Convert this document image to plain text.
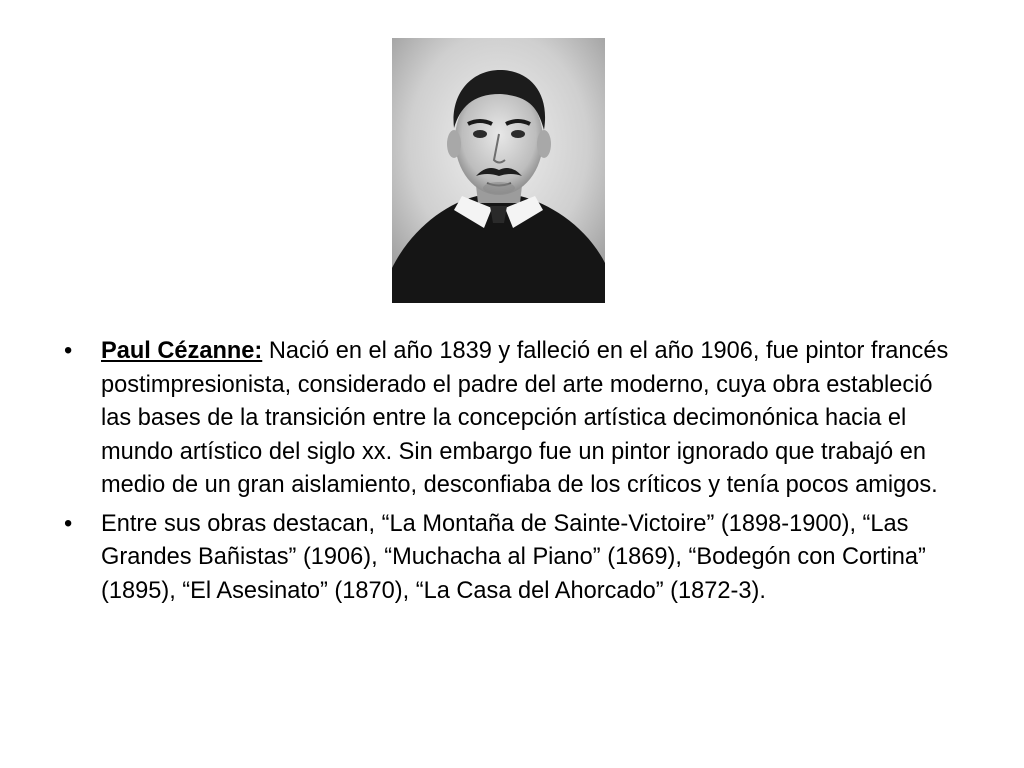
•	Paul Cézanne: Nació en el año 1839 y falleció en el año 1906, fue pintor francés postimpresionista, considerado el padre del arte moderno, cuya obra estableció las bases de la transición entre la concepción artística decimonónica hacia el mundo artístico del siglo xx. Sin embargo fue un pintor ignorado que trabajó en medio de un gran aislamiento, desconfiaba de los críticos y tenía pocos amigos.
•	Entre sus obras destacan, “La Montaña de Sainte-Victoire” (1898-1900), “Las Grandes Bañistas” (1906), “Muchacha al Piano” (1869), “Bodegón con Cortina” (1895), “El Asesinato” (1870), “La Casa del Ahorcado” (1872-3).
